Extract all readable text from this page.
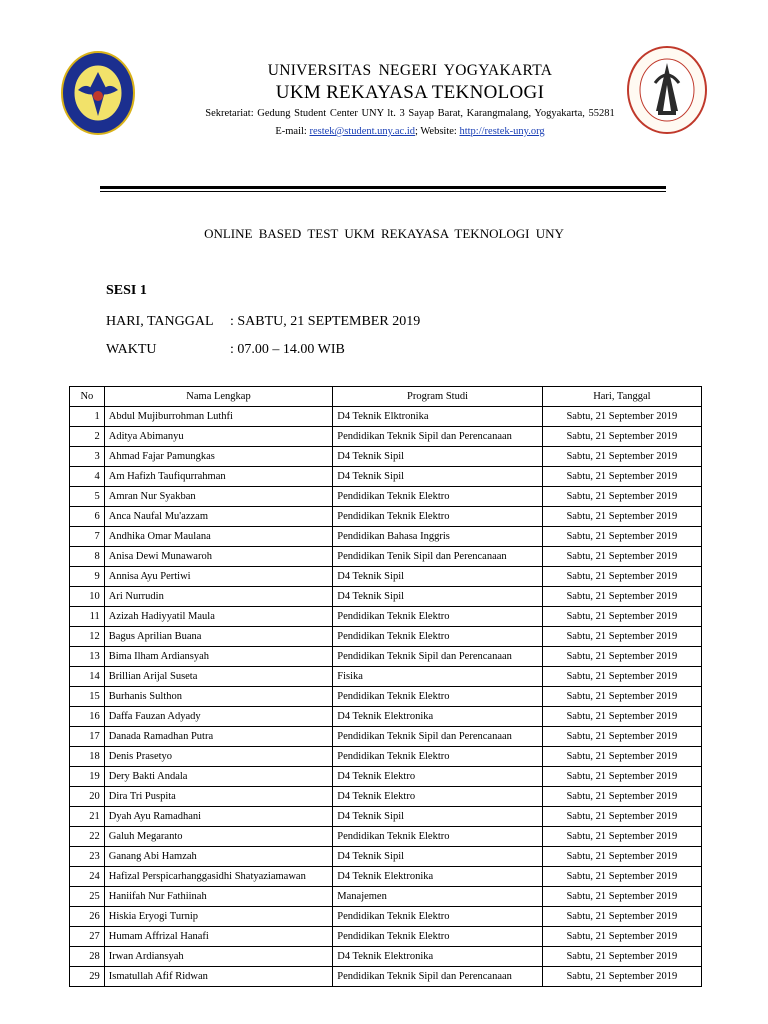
UNIVERSITAS NEGERI YOGYAKARTA
UKM REKAYASA TEKNOLOGI
Sekretariat: Gedung Student Center UNY lt. 3 Sayap Barat, Karangmalang, Yogyakarta, 55281
E-mail: restek@student.uny.ac.id; Website: http://restek-uny.org
ONLINE BASED TEST UKM REKAYASA TEKNOLOGI UNY
SESI 1
HARI, TANGGAL : SABTU, 21 SEPTEMBER 2019
WAKTU	: 07.00 – 14.00 WIB
No	Nama Lengkap	Program Studi	Hari, Tanggal
1	Abdul Mujiburrohman Luthfi	D4 Teknik Elktronika	Sabtu, 21 September 2019
2	Aditya Abimanyu	Pendidikan Teknik Sipil dan Perencanaan	Sabtu, 21 September 2019
3	Ahmad Fajar Pamungkas	D4 Teknik Sipil	Sabtu, 21 September 2019
4	Am Hafizh Taufiqurrahman	D4 Teknik Sipil	Sabtu, 21 September 2019
5	Amran Nur Syakban	Pendidikan Teknik Elektro	Sabtu, 21 September 2019
6	Anca Naufal Mu'azzam	Pendidikan Teknik Elektro	Sabtu, 21 September 2019
7	Andhika Omar Maulana	Pendidikan Bahasa Inggris	Sabtu, 21 September 2019
8	Anisa Dewi Munawaroh	Pendidikan Tenik Sipil dan Perencanaan	Sabtu, 21 September 2019
9	Annisa Ayu Pertiwi	D4 Teknik Sipil	Sabtu, 21 September 2019
10	Ari Nurrudin	D4 Teknik Sipil	Sabtu, 21 September 2019
11	Azizah Hadiyyatil Maula	Pendidikan Teknik Elektro	Sabtu, 21 September 2019
12	Bagus Aprilian Buana	Pendidikan Teknik Elektro	Sabtu, 21 September 2019
13	Bima Ilham Ardiansyah	Pendidikan Teknik Sipil dan Perencanaan	Sabtu, 21 September 2019
14	Brillian Arijal Suseta	Fisika	Sabtu, 21 September 2019
15	Burhanis Sulthon	Pendidikan Teknik Elektro	Sabtu, 21 September 2019
16	Daffa Fauzan Adyady	D4 Teknik Elektronika	Sabtu, 21 September 2019
17	Danada Ramadhan Putra	Pendidikan Teknik Sipil dan Perencanaan	Sabtu, 21 September 2019
18	Denis Prasetyo	Pendidikan Teknik Elektro	Sabtu, 21 September 2019
19	Dery Bakti Andala	D4 Teknik Elektro	Sabtu, 21 September 2019
20	Dira Tri Puspita	D4 Teknik Elektro	Sabtu, 21 September 2019
21	Dyah Ayu Ramadhani	D4 Teknik Sipil	Sabtu, 21 September 2019
22	Galuh Megaranto	Pendidikan Teknik Elektro	Sabtu, 21 September 2019
23	Ganang Abi Hamzah	D4 Teknik Sipil	Sabtu, 21 September 2019
24	Hafizal Perspicarhanggasidhi Shatyaziamawan	D4 Teknik Elektronika	Sabtu, 21 September 2019
25	Haniifah Nur Fathiinah	Manajemen	Sabtu, 21 September 2019
26	Hiskia Eryogi Turnip	Pendidikan Teknik Elektro	Sabtu, 21 September 2019
27	Humam Affrizal Hanafi	Pendidikan Teknik Elektro	Sabtu, 21 September 2019
28	Irwan Ardiansyah	D4 Teknik Elektronika	Sabtu, 21 September 2019
29	Ismatullah Afif Ridwan	Pendidikan Teknik Sipil dan Perencanaan	Sabtu, 21 September 2019
